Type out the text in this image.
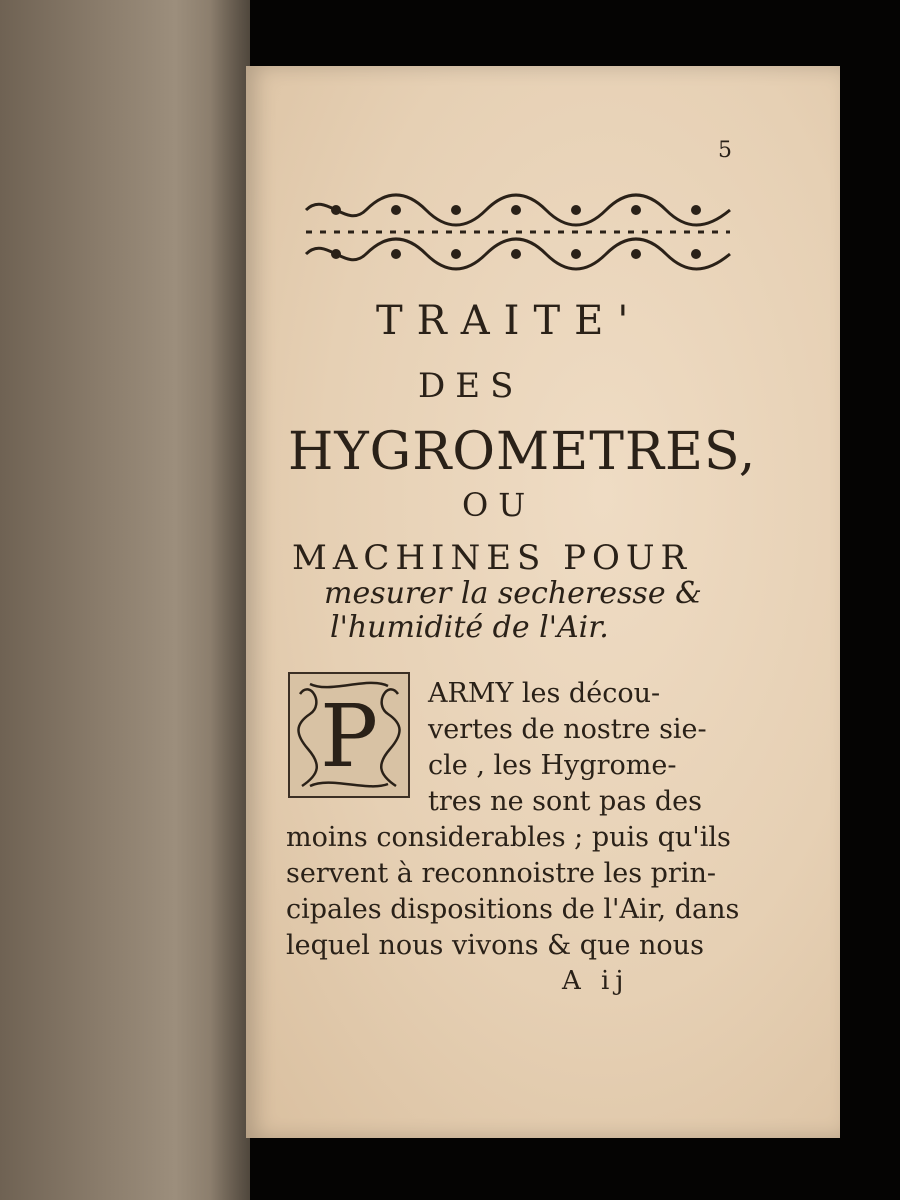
5
TRAITE'
DES
HYGROMETRES,
OU
MACHINES POUR
mesurer la secheresse &
l'humidité de l'Air.
P ARMY les décou-
vertes de nostre sie-
cle , les Hygrome-
tres ne sont pas des
moins considerables ; puis qu'ils
servent à reconnoistre les prin-
cipales dispositions de l'Air, dans
lequel nous vivons & que nous
A ij
